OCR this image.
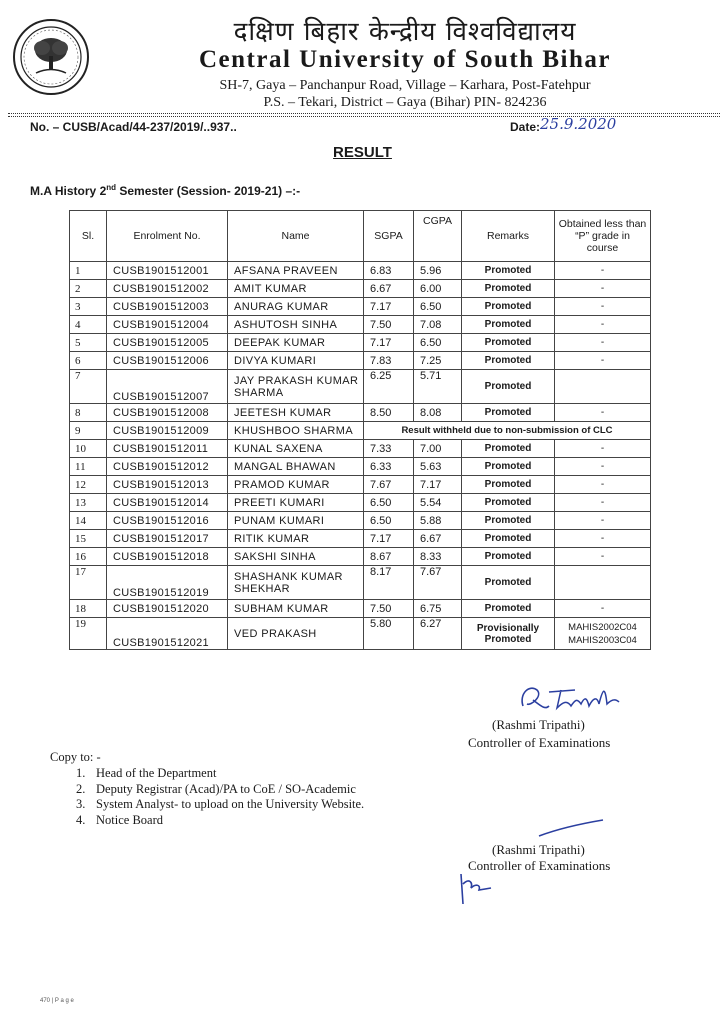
दक्षिण बिहार केन्द्रीय विश्वविद्यालय
Central University of South Bihar
SH-7, Gaya – Panchanpur Road, Village – Karhara, Post-Fatehpur
P.S. – Tekari, District – Gaya (Bihar) PIN- 824236
No. – CUSB/Acad/44-237/2019/..937..	Date: 25.9.2020
RESULT
M.A History 2nd Semester (Session- 2019-21) –:-
Sl.	Enrolment No.	Name	SGPA	CGPA	Remarks	Obtained less than “P” grade in course
1	CUSB1901512001	AFSANA PRAVEEN	6.83	5.96	Promoted	-
2	CUSB1901512002	AMIT KUMAR	6.67	6.00	Promoted	-
3	CUSB1901512003	ANURAG KUMAR	7.17	6.50	Promoted	-
4	CUSB1901512004	ASHUTOSH SINHA	7.50	7.08	Promoted	-
5	CUSB1901512005	DEEPAK KUMAR	7.17	6.50	Promoted	-
6	CUSB1901512006	DIVYA KUMARI	7.83	7.25	Promoted	-
7	CUSB1901512007	JAY PRAKASH KUMAR SHARMA	6.25	5.71	Promoted	
8	CUSB1901512008	JEETESH KUMAR	8.50	8.08	Promoted	-
9	CUSB1901512009	KHUSHBOO SHARMA	Result withheld due to non-submission of CLC			
10	CUSB1901512011	KUNAL SAXENA	7.33	7.00	Promoted	-
11	CUSB1901512012	MANGAL BHAWAN	6.33	5.63	Promoted	-
12	CUSB1901512013	PRAMOD KUMAR	7.67	7.17	Promoted	-
13	CUSB1901512014	PREETI KUMARI	6.50	5.54	Promoted	-
14	CUSB1901512016	PUNAM KUMARI	6.50	5.88	Promoted	-
15	CUSB1901512017	RITIK KUMAR	7.17	6.67	Promoted	-
16	CUSB1901512018	SAKSHI SINHA	8.67	8.33	Promoted	-
17	CUSB1901512019	SHASHANK KUMAR SHEKHAR	8.17	7.67	Promoted	
18	CUSB1901512020	SUBHAM KUMAR	7.50	6.75	Promoted	-
19	CUSB1901512021	VED PRAKASH	5.80	6.27	Provisionally Promoted	MAHIS2002C04 MAHIS2003C04
(Rashmi Tripathi)
Controller of Examinations
Copy to: -
1. Head of the Department
2. Deputy Registrar (Acad)/PA to CoE / SO-Academic
3. System Analyst- to upload on the University Website.
4. Notice Board
(Rashmi Tripathi)
Controller of Examinations
470 | P a g e
